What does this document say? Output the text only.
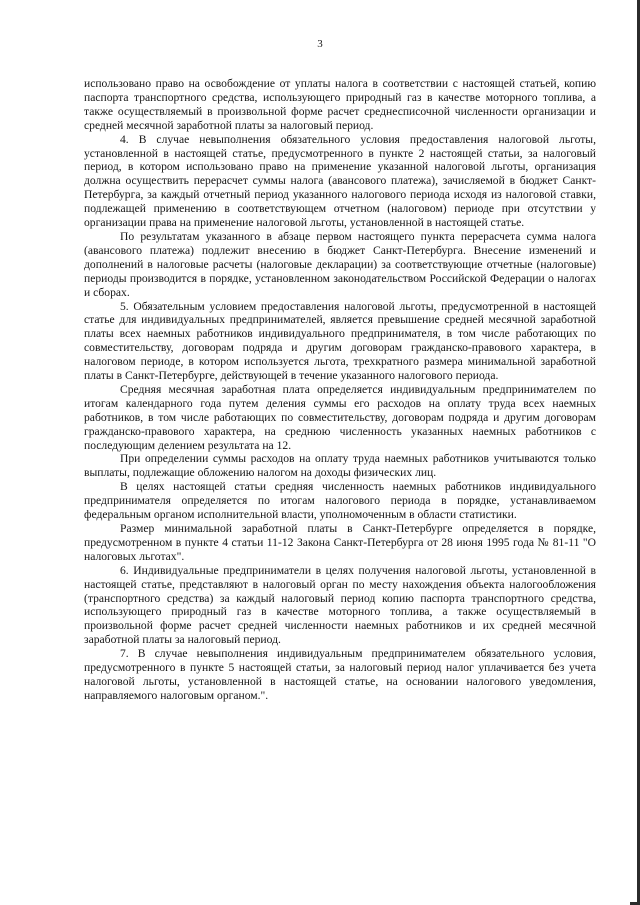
3

использовано право на освобождение от уплаты налога в соответствии с настоящей статьей, копию паспорта транспортного средства, использующего природный газ в качестве моторного топлива, а также осуществляемый в произвольной форме расчет среднесписочной численности организации и средней месячной заработной платы за налоговый период.

4. В случае невыполнения обязательного условия предоставления налоговой льготы, установленной в настоящей статье, предусмотренного в пункте 2 настоящей статьи, за налоговый период, в котором использовано право на применение указанной налоговой льготы, организация должна осуществить перерасчет суммы налога (авансового платежа), зачисляемой в бюджет Санкт-Петербурга, за каждый отчетный период указанного налогового периода исходя из налоговой ставки, подлежащей применению в соответствующем отчетном (налоговом) периоде при отсутствии у организации права на применение налоговой льготы, установленной в настоящей статье.

По результатам указанного в абзаце первом настоящего пункта перерасчета сумма налога (авансового платежа) подлежит внесению в бюджет Санкт-Петербурга. Внесение изменений и дополнений в налоговые расчеты (налоговые декларации) за соответствующие отчетные (налоговые) периоды производится в порядке, установленном законодательством Российской Федерации о налогах и сборах.

5. Обязательным условием предоставления налоговой льготы, предусмотренной в настоящей статье для индивидуальных предпринимателей, является превышение средней месячной заработной платы всех наемных работников индивидуального предпринимателя, в том числе работающих по совместительству, договорам подряда и другим договорам гражданско-правового характера, в налоговом периоде, в котором используется льгота, трехкратного размера минимальной заработной платы в Санкт-Петербурге, действующей в течение указанного налогового периода.

Средняя месячная заработная плата определяется индивидуальным предпринимателем по итогам календарного года путем деления суммы его расходов на оплату труда всех наемных работников, в том числе работающих по совместительству, договорам подряда и другим договорам гражданско-правового характера, на среднюю численность указанных наемных работников с последующим делением результата на 12.

При определении суммы расходов на оплату труда наемных работников учитываются только выплаты, подлежащие обложению налогом на доходы физических лиц.

В целях настоящей статьи средняя численность наемных работников индивидуального предпринимателя определяется по итогам налогового периода в порядке, устанавливаемом федеральным органом исполнительной власти, уполномоченным в области статистики.

Размер минимальной заработной платы в Санкт-Петербурге определяется в порядке, предусмотренном в пункте 4 статьи 11-12 Закона Санкт-Петербурга от 28 июня 1995 года № 81-11 "О налоговых льготах".

6. Индивидуальные предприниматели в целях получения налоговой льготы, установленной в настоящей статье, представляют в налоговый орган по месту нахождения объекта налогообложения (транспортного средства) за каждый налоговый период копию паспорта транспортного средства, использующего природный газ в качестве моторного топлива, а также осуществляемый в произвольной форме расчет средней численности наемных работников и их средней месячной заработной платы за налоговый период.

7. В случае невыполнения индивидуальным предпринимателем обязательного условия, предусмотренного в пункте 5 настоящей статьи, за налоговый период налог уплачивается без учета налоговой льготы, установленной в настоящей статье, на основании налогового уведомления, направляемого налоговым органом.".
